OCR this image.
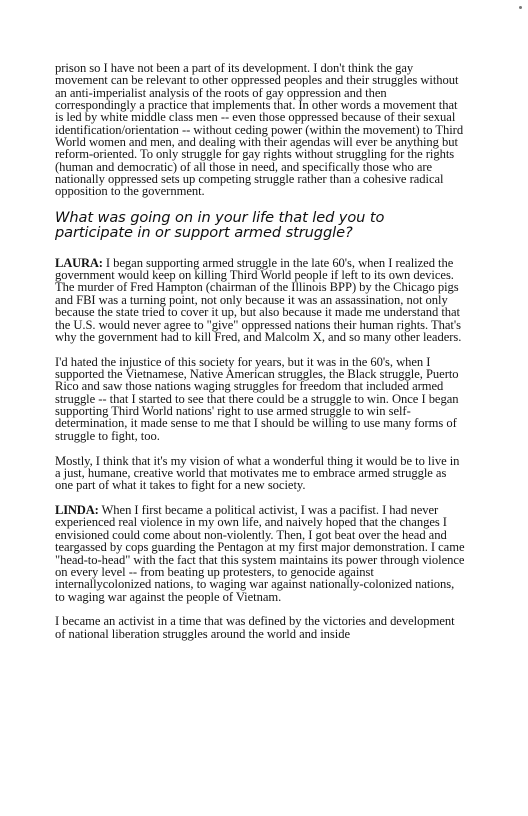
prison so I have not been a part of its development. I don't think the gay movement can be relevant to other oppressed peoples and their struggles without an anti-imperialist analysis of the roots of gay oppression and then correspondingly a practice that implements that. In other words a movement that is led by white middle class men -- even those oppressed because of their sexual identification/orientation -- without ceding power (within the movement) to Third World women and men, and dealing with their agendas will ever be anything but reform-oriented. To only struggle for gay rights without struggling for the rights (human and democratic) of all those in need, and specifically those who are nationally oppressed sets up competing struggle rather than a cohesive radical opposition to the government.

What was going on in your life that led you to participate in or support armed struggle?

LAURA: I began supporting armed struggle in the late 60's, when I realized the government would keep on killing Third World people if left to its own devices. The murder of Fred Hampton (chairman of the Illinois BPP) by the Chicago pigs and FBI was a turning point, not only because it was an assassination, not only because the state tried to cover it up, but also because it made me understand that the U.S. would never agree to "give" oppressed nations their human rights. That's why the government had to kill Fred, and Malcolm X, and so many other leaders.

I'd hated the injustice of this society for years, but it was in the 60's, when I supported the Vietnamese, Native American struggles, the Black struggle, Puerto Rico and saw those nations waging struggles for freedom that included armed struggle -- that I started to see that there could be a struggle to win. Once I began supporting Third World nations' right to use armed struggle to win self-determination, it made sense to me that I should be willing to use many forms of struggle to fight, too.

Mostly, I think that it's my vision of what a wonderful thing it would be to live in a just, humane, creative world that motivates me to embrace armed struggle as one part of what it takes to fight for a new society.

LINDA: When I first became a political activist, I was a pacifist. I had never experienced real violence in my own life, and naively hoped that the changes I envisioned could come about non-violently. Then, I got beat over the head and teargassed by cops guarding the Pentagon at my first major demonstration. I came "head-to-head" with the fact that this system maintains its power through violence on every level -- from beating up protesters, to genocide against internallycolonized nations, to waging war against nationally-colonized nations, to waging war against the people of Vietnam.

I became an activist in a time that was defined by the victories and development of national liberation struggles around the world and inside
